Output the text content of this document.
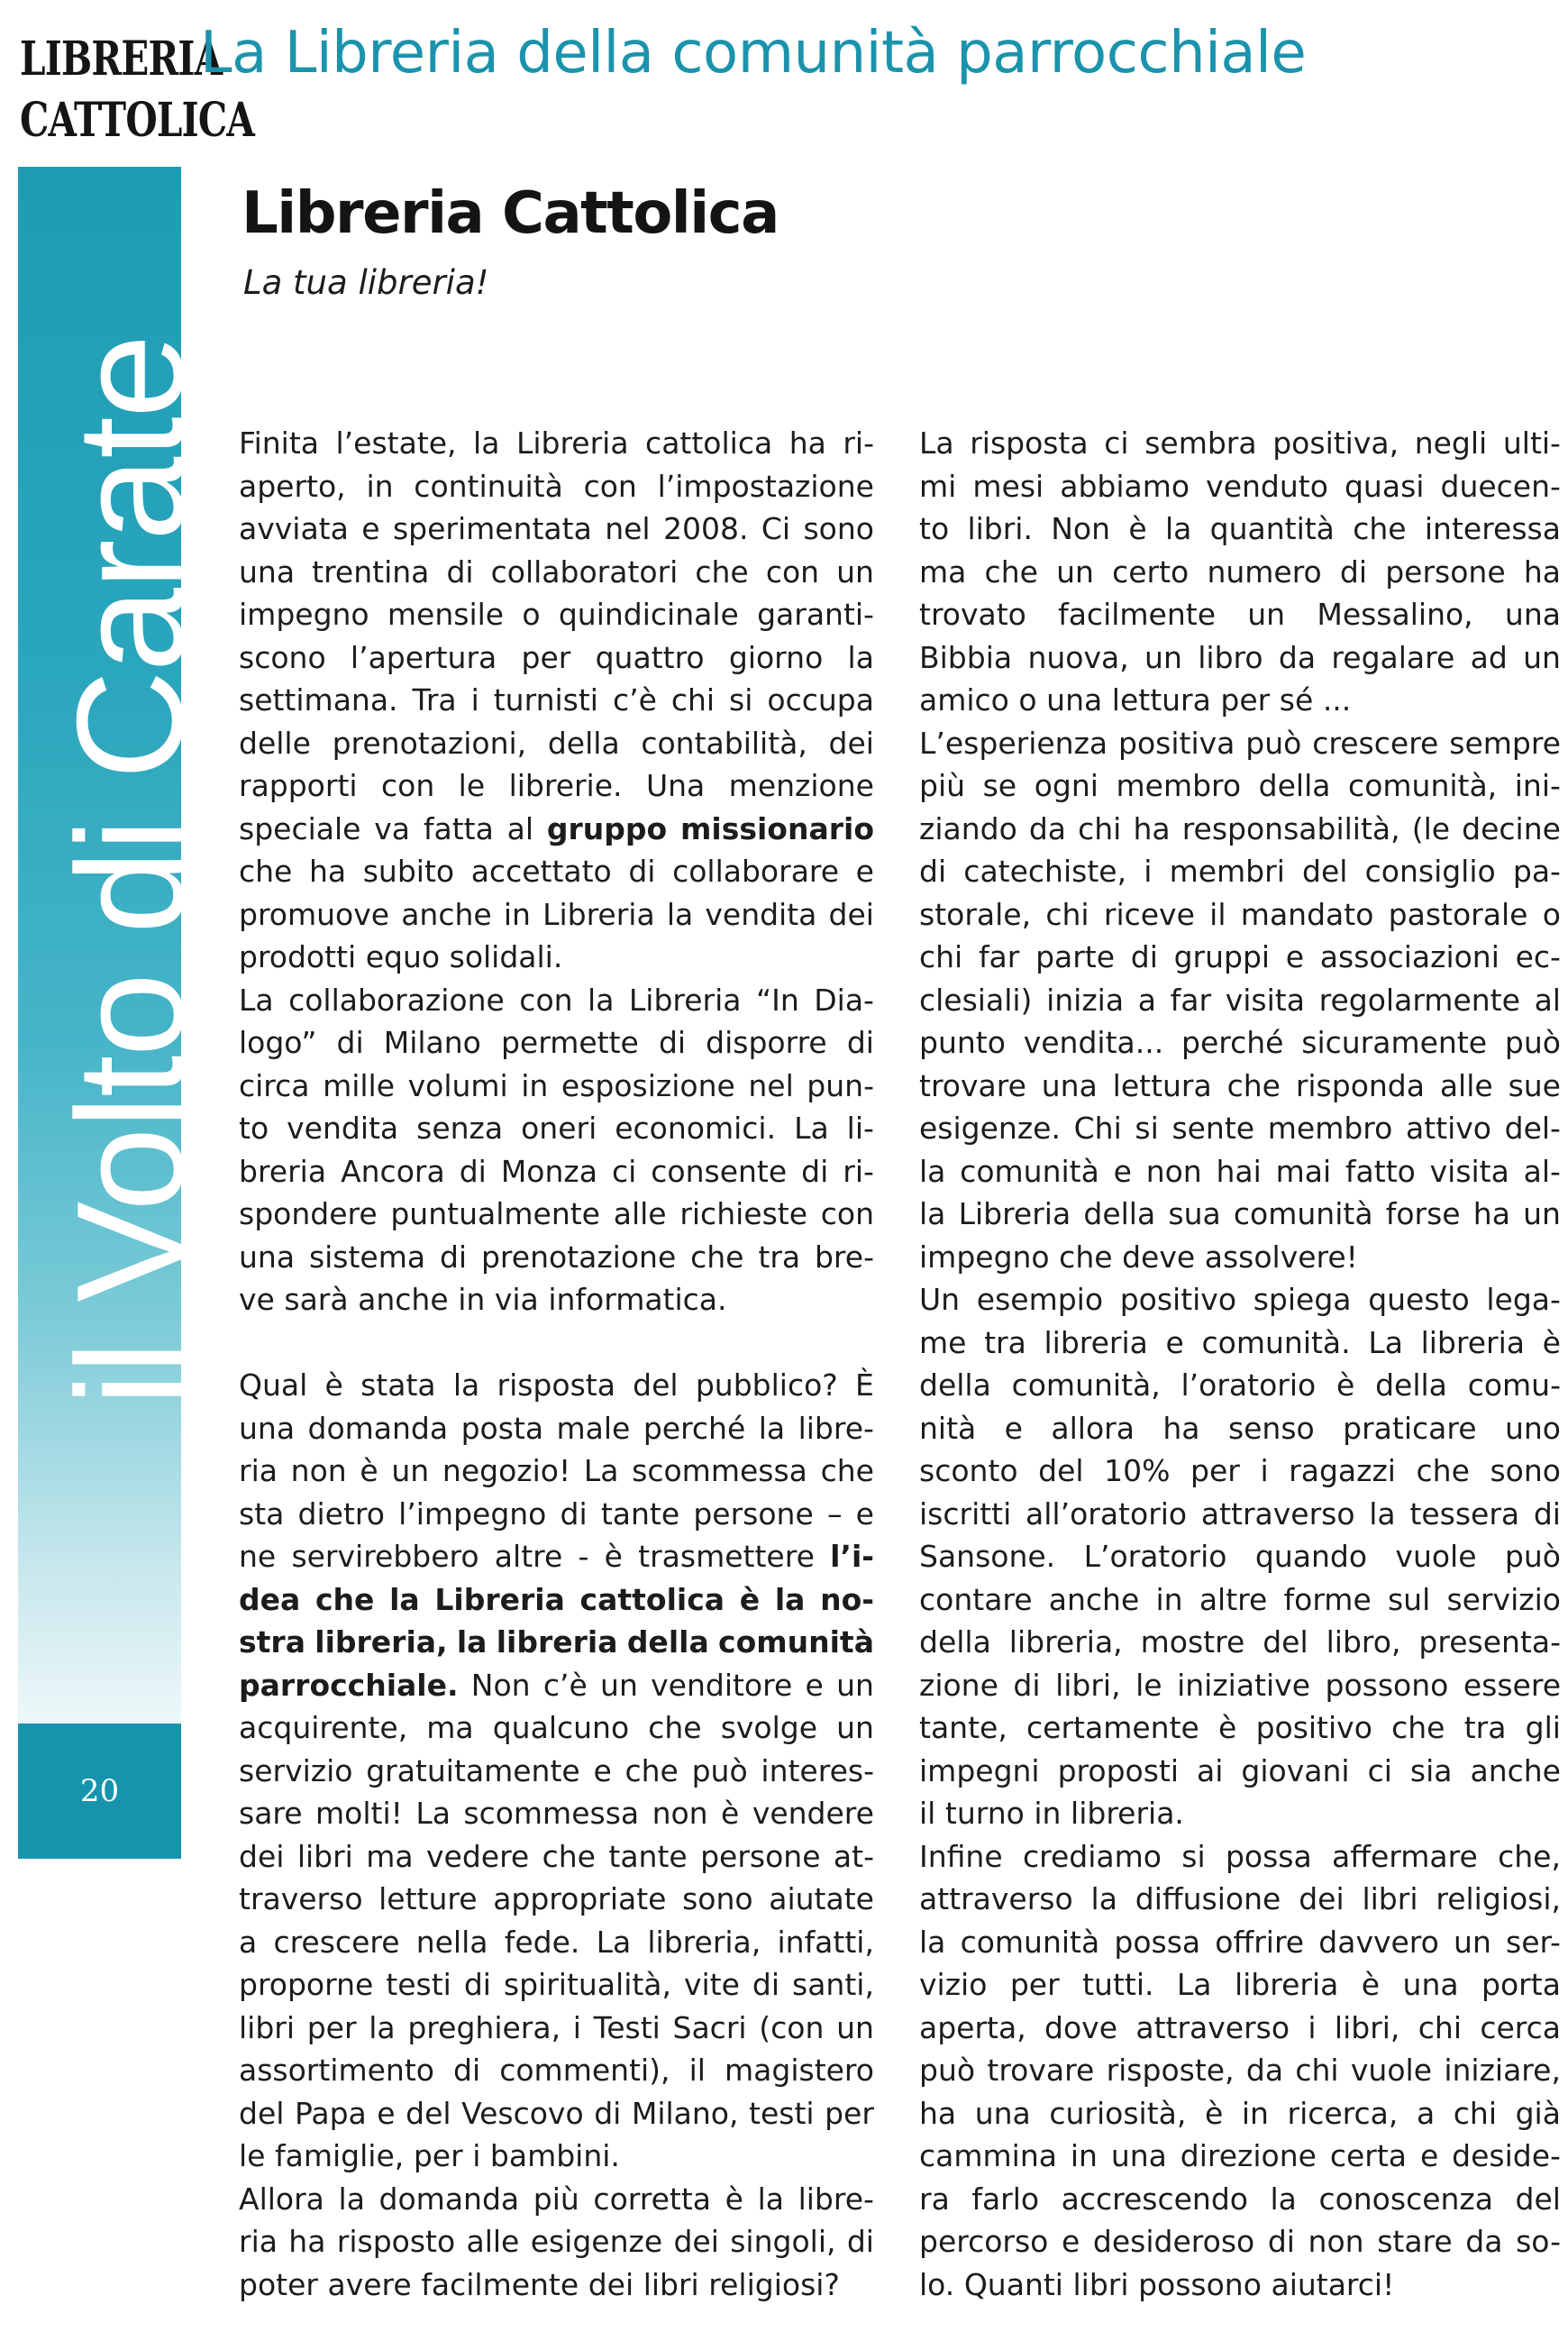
il Volto di Carate
20
LIBRERIA
CATTOLICA
La Libreria della comunità parrocchiale
Libreria Cattolica
La tua libreria!
Finita l’estate, la Libreria cattolica ha ri-
aperto, in continuità con l’impostazione
avviata e sperimentata nel 2008. Ci sono
una trentina di collaboratori che con un
impegno mensile o quindicinale garanti-
scono l’apertura per quattro giorno la
settimana. Tra i turnisti c’è chi si occupa
delle prenotazioni, della contabilità, dei
rapporti con le librerie. Una menzione
speciale va fatta al gruppo missionario
che ha subito accettato di collaborare e
promuove anche in Libreria la vendita dei
prodotti equo solidali.
La collaborazione con la Libreria “In Dia-
logo” di Milano permette di disporre di
circa mille volumi in esposizione nel pun-
to vendita senza oneri economici. La li-
breria Ancora di Monza ci consente di ri-
spondere puntualmente alle richieste con
una sistema di prenotazione che tra bre-
ve sarà anche in via informatica.
Qual è stata la risposta del pubblico? È
una domanda posta male perché la libre-
ria non è un negozio! La scommessa che
sta dietro l’impegno di tante persone – e
ne servirebbero altre - è trasmettere l’i-
dea che la Libreria cattolica è la no-
stra libreria, la libreria della comunità
parrocchiale. Non c’è un venditore e un
acquirente, ma qualcuno che svolge un
servizio gratuitamente e che può interes-
sare molti! La scommessa non è vendere
dei libri ma vedere che tante persone at-
traverso letture appropriate sono aiutate
a crescere nella fede. La libreria, infatti,
proporne testi di spiritualità, vite di santi,
libri per la preghiera, i Testi Sacri (con un
assortimento di commenti), il magistero
del Papa e del Vescovo di Milano, testi per
le famiglie, per i bambini.
Allora la domanda più corretta è la libre-
ria ha risposto alle esigenze dei singoli, di
poter avere facilmente dei libri religiosi?
La risposta ci sembra positiva, negli ulti-
mi mesi abbiamo venduto quasi duecen-
to libri. Non è la quantità che interessa
ma che un certo numero di persone ha
trovato facilmente un Messalino, una
Bibbia nuova, un libro da regalare ad un
amico o una lettura per sé ...
L’esperienza positiva può crescere sempre
più se ogni membro della comunità, ini-
ziando da chi ha responsabilità, (le decine
di catechiste, i membri del consiglio pa-
storale, chi riceve il mandato pastorale o
chi far parte di gruppi e associazioni ec-
clesiali) inizia a far visita regolarmente al
punto vendita... perché sicuramente può
trovare una lettura che risponda alle sue
esigenze. Chi si sente membro attivo del-
la comunità e non hai mai fatto visita al-
la Libreria della sua comunità forse ha un
impegno che deve assolvere!
Un esempio positivo spiega questo lega-
me tra libreria e comunità. La libreria è
della comunità, l’oratorio è della comu-
nità e allora ha senso praticare uno
sconto del 10% per i ragazzi che sono
iscritti all’oratorio attraverso la tessera di
Sansone. L’oratorio quando vuole può
contare anche in altre forme sul servizio
della libreria, mostre del libro, presenta-
zione di libri, le iniziative possono essere
tante, certamente è positivo che tra gli
impegni proposti ai giovani ci sia anche
il turno in libreria.
Infine crediamo si possa affermare che,
attraverso la diffusione dei libri religiosi,
la comunità possa offrire davvero un ser-
vizio per tutti. La libreria è una porta
aperta, dove attraverso i libri, chi cerca
può trovare risposte, da chi vuole iniziare,
ha una curiosità, è in ricerca, a chi già
cammina in una direzione certa e deside-
ra farlo accrescendo la conoscenza del
percorso e desideroso di non stare da so-
lo. Quanti libri possono aiutarci!
